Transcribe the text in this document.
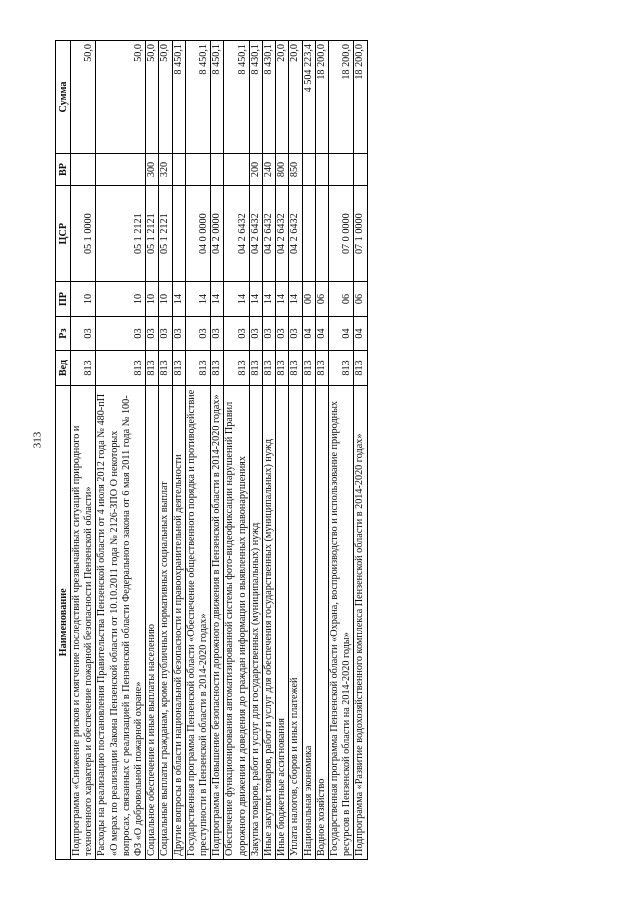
313
Наименование	Вед	Рз	ПР	ЦСР	ВР	Сумма
Подпрограмма «Снижение рисков и смягчение последствий чрезвычайных ситуаций природного и техногенного характера и обеспечение пожарной безопасности Пензенской области»	813	03	10	05 1 0000		50,0
Расходы на реализацию постановления Правительства Пензенской области от 4 июля 2012 года № 480-пП «О мерах по реализации Закона Пензенской области от 10.10.2011 года № 2126-ЗПО О некоторых вопросах, связанных с реализацией в Пензенской области Федерального закона от 6 мая 2011 года № 100-ФЗ «О добровольной пожарной охране»	813	03	10	05 1 2121		50,0
Социальное обеспечение и иные выплаты населению	813	03	10	05 1 2121	300	50,0
Социальные выплаты гражданам, кроме публичных нормативных социальных выплат	813	03	10	05 1 2121	320	50,0
Другие вопросы в области национальной безопасности и правоохранительной деятельности	813	03	14			8 450,1
Государственная программа Пензенской области «Обеспечение общественного порядка и противодействие преступности в Пензенской области в 2014-2020 годах»	813	03	14	04 0 0000		8 450,1
Подпрограмма «Повышение безопасности дорожного движения в Пензенской области в 2014-2020 годах»	813	03	14	04 2 0000		8 450,1
Обеспечение функционирования автоматизированной системы фото-видеофиксации нарушений Правил дорожного движения и доведения до граждан информации о выявленных правонарушениях	813	03	14	04 2 6432		8 450,1
Закупка товаров, работ и услуг для государственных (муниципальных) нужд	813	03	14	04 2 6432	200	8 430,1
Иные закупки товаров, работ и услуг для обеспечения государственных (муниципальных) нужд	813	03	14	04 2 6432	240	8 430,1
Иные бюджетные ассигнования	813	03	14	04 2 6432	800	20,0
Уплата налогов, сборов и иных платежей	813	03	14	04 2 6432	850	20,0
Национальная экономика	813	04	00			4 504 223,4
Водное хозяйство	813	04	06			18 200,0
Государственная программа Пензенской области «Охрана, воспроизводство и использование природных ресурсов в Пензенской области на 2014-2020 годы»	813	04	06	07 0 0000		18 200,0
Подпрограмма «Развитие водохозяйственного комплекса Пензенской области в 2014-2020 годах»	813	04	06	07 1 0000		18 200,0
